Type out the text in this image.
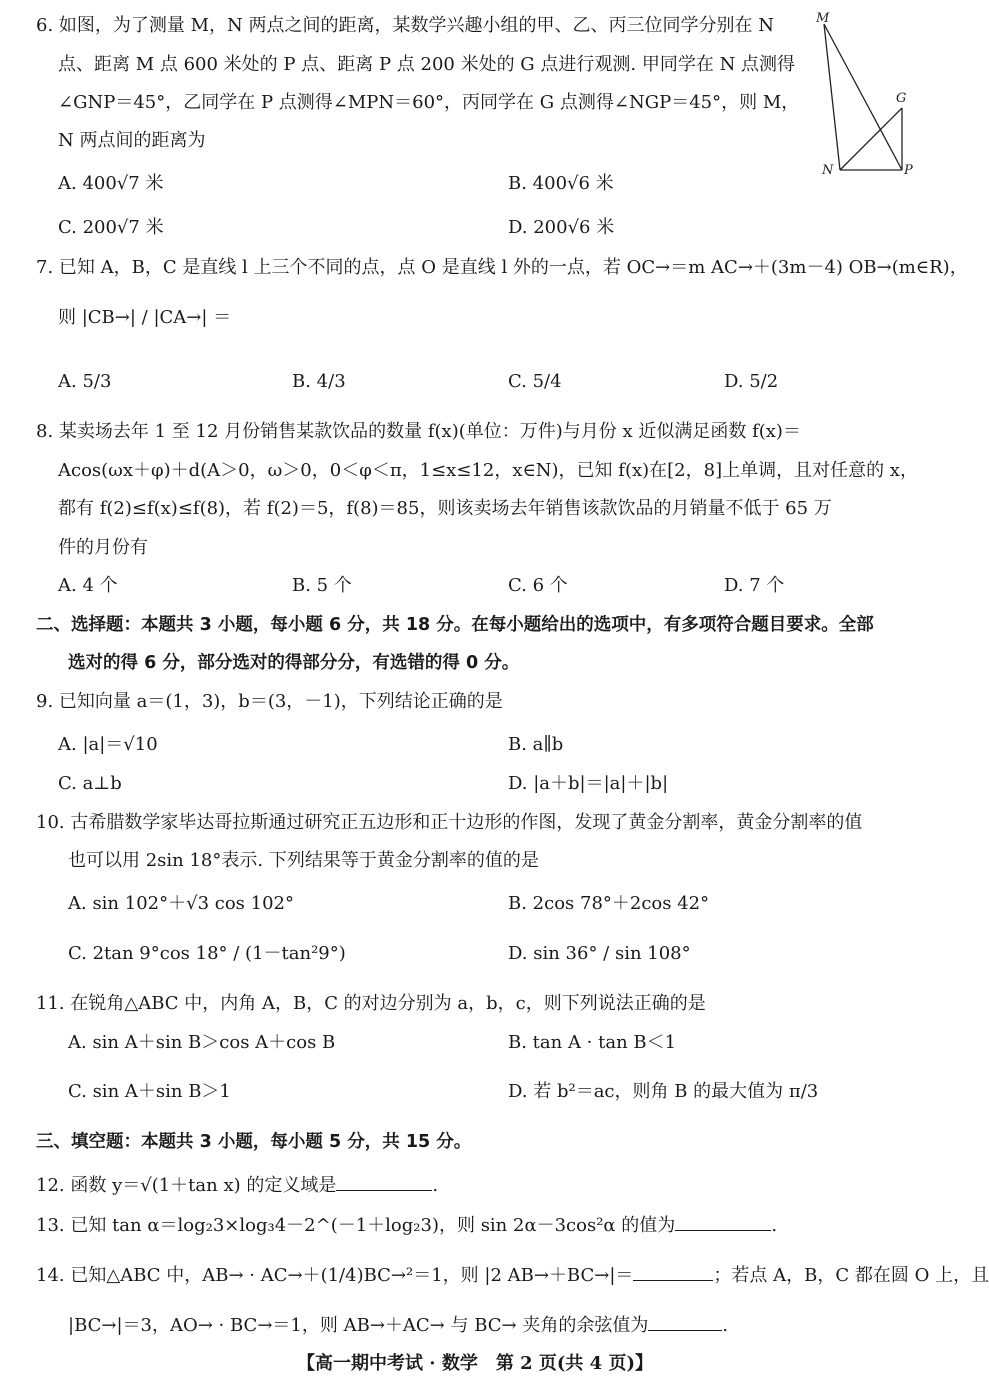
6. 如图，为了测量 M，N 两点之间的距离，某数学兴趣小组的甲、乙、丙三位同学分别在 N
点、距离 M 点 600 米处的 P 点、距离 P 点 200 米处的 G 点进行观测. 甲同学在 N 点测得
∠GNP＝45°，乙同学在 P 点测得∠MPN＝60°，丙同学在 G 点测得∠NGP＝45°，则 M，
N 两点间的距离为
A. 400√7 米	B. 400√6 米
C. 200√7 米	D. 200√6 米
M
G
N	P
7. 已知 A，B，C 是直线 l 上三个不同的点，点 O 是直线 l 外的一点，若 OC→＝m AC→＋(3m－4) OB→(m∈R)，
则 |CB→| / |CA→| ＝
A. 5/3	B. 4/3	C. 5/4	D. 5/2
8. 某卖场去年 1 至 12 月份销售某款饮品的数量 f(x)(单位：万件)与月份 x 近似满足函数 f(x)＝
Acos(ωx＋φ)＋d(A＞0，ω＞0，0＜φ＜π，1≤x≤12，x∈N)，已知 f(x)在[2，8]上单调，且对任意的 x，
都有 f(2)≤f(x)≤f(8)，若 f(2)＝5，f(8)＝85，则该卖场去年销售该款饮品的月销量不低于 65 万
件的月份有
A. 4 个	B. 5 个	C. 6 个	D. 7 个
二、选择题：本题共 3 小题，每小题 6 分，共 18 分。在每小题给出的选项中，有多项符合题目要求。全部
选对的得 6 分，部分选对的得部分分，有选错的得 0 分。
9. 已知向量 a＝(1，3)，b＝(3，－1)，下列结论正确的是
A. |a|＝√10	B. a∥b
C. a⊥b	D. |a＋b|＝|a|＋|b|
10. 古希腊数学家毕达哥拉斯通过研究正五边形和正十边形的作图，发现了黄金分割率，黄金分割率的值
也可以用 2sin 18°表示. 下列结果等于黄金分割率的值的是
A. sin 102°＋√3 cos 102°	B. 2cos 78°＋2cos 42°
C. 2tan 9°cos 18° / (1－tan²9°)	D. sin 36° / sin 108°
11. 在锐角△ABC 中，内角 A，B，C 的对边分别为 a，b，c，则下列说法正确的是
A. sin A＋sin B＞cos A＋cos B	B. tan A · tan B＜1
C. sin A＋sin B＞1	D. 若 b²＝ac，则角 B 的最大值为 π/3
三、填空题：本题共 3 小题，每小题 5 分，共 15 分。
12. 函数 y＝√(1＋tan x) 的定义域是	.
13. 已知 tan α＝log₂3×log₃4－2^(－1＋log₂3)，则 sin 2α－3cos²α 的值为	.
14. 已知△ABC 中，AB→ · AC→＋(1/4)BC→²＝1，则 |2 AB→＋BC→|＝	；若点 A，B，C 都在圆 O 上，且
|BC→|＝3，AO→ · BC→＝1，则 AB→＋AC→ 与 BC→ 夹角的余弦值为	.
【高一期中考试 · 数学　第 2 页(共 4 页)】
